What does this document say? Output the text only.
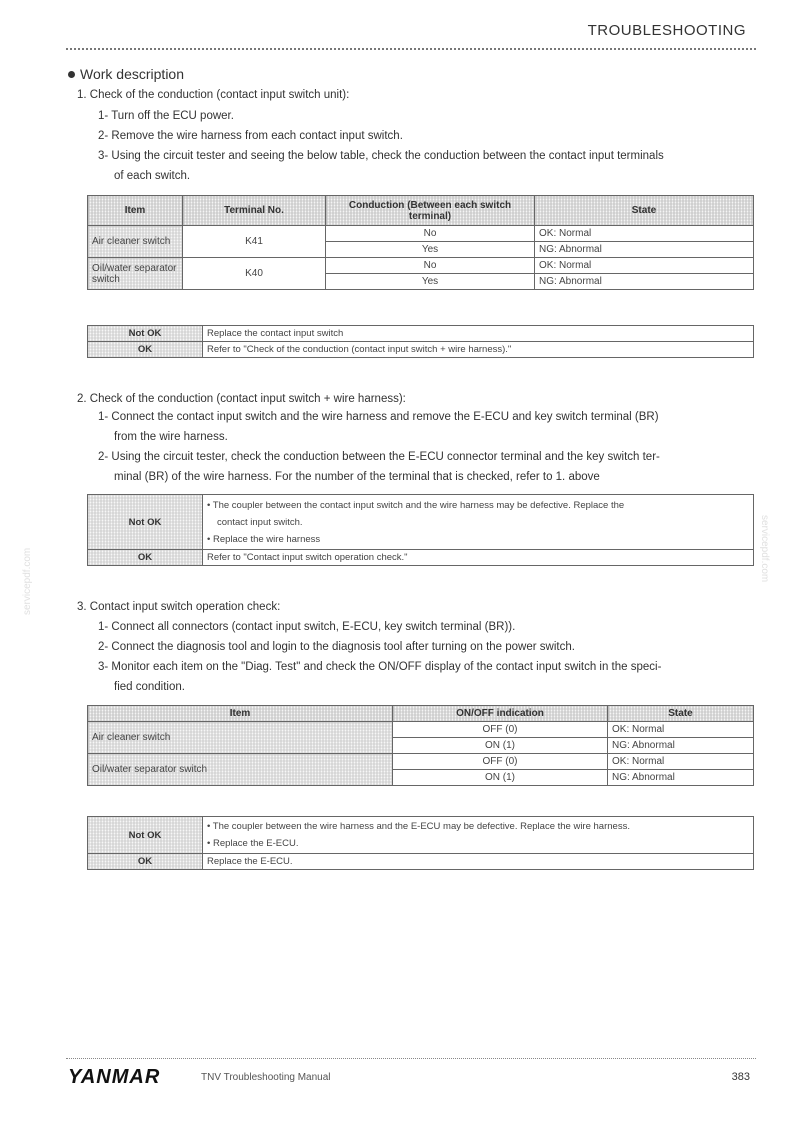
TROUBLESHOOTING
Work description
1. Check of the conduction (contact input switch unit):
1- Turn off the ECU power.
2- Remove the wire harness from each contact input switch.
3- Using the circuit tester and seeing the below table, check the conduction between the contact input terminals
of each switch.
Item	Terminal No.	Conduction (Between each switch terminal)	State
Air cleaner switch	K41	No	OK: Normal
		Yes	NG: Abnormal
Oil/water separator switch	K40	No	OK: Normal
		Yes	NG: Abnormal
Not OK	Replace the contact input switch
OK	Refer to "Check of the conduction (contact input switch + wire harness)."
2. Check of the conduction (contact input switch + wire harness):
1- Connect the contact input switch and the wire harness and remove the E-ECU and key switch terminal (BR)
from the wire harness.
2- Using the circuit tester, check the conduction between the E-ECU connector terminal and the key switch ter-
minal (BR) of the wire harness. For the number of the terminal that is checked, refer to 1. above
Not OK	• The coupler between the contact input switch and the wire harness may be defective. Replace the
contact input switch.
• Replace the wire harness

OK	Refer to "Contact input switch operation check."
3. Contact input switch operation check:
1- Connect all connectors (contact input switch, E-ECU, key switch terminal (BR)).
2- Connect the diagnosis tool and login to the diagnosis tool after turning on the power switch.
3- Monitor each item on the "Diag. Test" and check the ON/OFF display of the contact input switch in the speci-
fied condition.
Item	ON/OFF indication	State
Air cleaner switch	OFF (0)	OK: Normal
	ON (1)	NG: Abnormal
Oil/water separator switch	OFF (0)	OK: Normal
	ON (1)	NG: Abnormal
Not OK	• The coupler between the wire harness and the E-ECU may be defective. Replace the wire harness.
• Replace the E-ECU.

OK	Replace the E-ECU.
servicepdf.com	servicepdf.com
YANMAR	TNV Troubleshooting Manual	383
